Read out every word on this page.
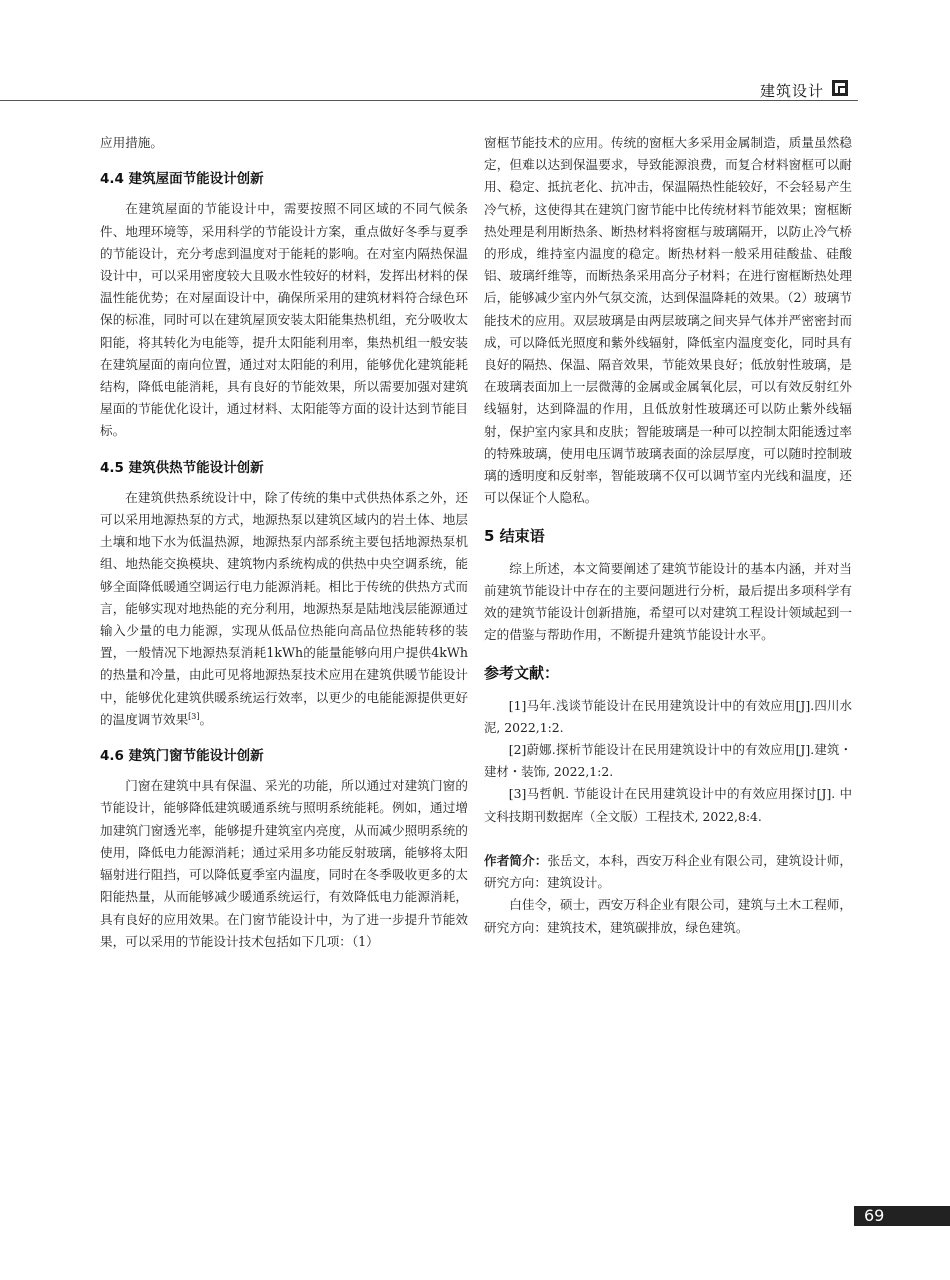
建筑设计

应用措施。

4.4 建筑屋面节能设计创新

在建筑屋面的节能设计中，需要按照不同区域的不同气候条件、地理环境等，采用科学的节能设计方案，重点做好冬季与夏季的节能设计，充分考虑到温度对于能耗的影响。在对室内隔热保温设计中，可以采用密度较大且吸水性较好的材料，发挥出材料的保温性能优势；在对屋面设计中，确保所采用的建筑材料符合绿色环保的标准，同时可以在建筑屋顶安装太阳能集热机组，充分吸收太阳能，将其转化为电能等，提升太阳能利用率，集热机组一般安装在建筑屋面的南向位置，通过对太阳能的利用，能够优化建筑能耗结构，降低电能消耗，具有良好的节能效果，所以需要加强对建筑屋面的节能优化设计，通过材料、太阳能等方面的设计达到节能目标。

4.5 建筑供热节能设计创新

在建筑供热系统设计中，除了传统的集中式供热体系之外，还可以采用地源热泵的方式，地源热泵以建筑区域内的岩土体、地层土壤和地下水为低温热源，地源热泵内部系统主要包括地源热泵机组、地热能交换模块、建筑物内系统构成的供热中央空调系统，能够全面降低暖通空调运行电力能源消耗。相比于传统的供热方式而言，能够实现对地热能的充分利用，地源热泵是陆地浅层能源通过输入少量的电力能源，实现从低品位热能向高品位热能转移的装置，一般情况下地源热泵消耗1kWh的能量能够向用户提供4kWh的热量和冷量，由此可见将地源热泵技术应用在建筑供暖节能设计中，能够优化建筑供暖系统运行效率，以更少的电能能源提供更好的温度调节效果[3]。

4.6 建筑门窗节能设计创新

门窗在建筑中具有保温、采光的功能，所以通过对建筑门窗的节能设计，能够降低建筑暖通系统与照明系统能耗。例如，通过增加建筑门窗透光率，能够提升建筑室内亮度，从而减少照明系统的使用，降低电力能源消耗；通过采用多功能反射玻璃，能够将太阳辐射进行阻挡，可以降低夏季室内温度，同时在冬季吸收更多的太阳能热量，从而能够减少暖通系统运行，有效降低电力能源消耗，具有良好的应用效果。在门窗节能设计中，为了进一步提升节能效果，可以采用的节能设计技术包括如下几项：（1）

窗框节能技术的应用。传统的窗框大多采用金属制造，质量虽然稳定，但难以达到保温要求，导致能源浪费，而复合材料窗框可以耐用、稳定、抵抗老化、抗冲击，保温隔热性能较好，不会轻易产生冷气桥，这使得其在建筑门窗节能中比传统材料节能效果；窗框断热处理是利用断热条、断热材料将窗框与玻璃隔开，以防止冷气桥的形成，维持室内温度的稳定。断热材料一般采用硅酸盐、硅酸铝、玻璃纤维等，而断热条采用高分子材料；在进行窗框断热处理后，能够减少室内外气氛交流，达到保温降耗的效果。（2）玻璃节能技术的应用。双层玻璃是由两层玻璃之间夹异气体并严密密封而成，可以降低光照度和紫外线辐射，降低室内温度变化，同时具有良好的隔热、保温、隔音效果，节能效果良好；低放射性玻璃，是在玻璃表面加上一层微薄的金属或金属氧化层，可以有效反射红外线辐射，达到降温的作用，且低放射性玻璃还可以防止紫外线辐射，保护室内家具和皮肤；智能玻璃是一种可以控制太阳能透过率的特殊玻璃，使用电压调节玻璃表面的涂层厚度，可以随时控制玻璃的透明度和反射率，智能玻璃不仅可以调节室内光线和温度，还可以保证个人隐私。

5 结束语

综上所述，本文简要阐述了建筑节能设计的基本内涵，并对当前建筑节能设计中存在的主要问题进行分析，最后提出多项科学有效的建筑节能设计创新措施，希望可以对建筑工程设计领域起到一定的借鉴与帮助作用，不断提升建筑节能设计水平。

参考文献：

[1]马年.浅谈节能设计在民用建筑设计中的有效应用[J].四川水泥, 2022,1:2.

[2]蔚娜.探析节能设计在民用建筑设计中的有效应用[J].建筑・建材・装饰, 2022,1:2.

[3]马哲帆. 节能设计在民用建筑设计中的有效应用探讨[J]. 中文科技期刊数据库（全文版）工程技术, 2022,8:4.

作者简介：张岳文，本科，西安万科企业有限公司，建筑设计师，研究方向：建筑设计。

白佳令，硕士，西安万科企业有限公司，建筑与土木工程师，研究方向：建筑技术，建筑碳排放，绿色建筑。

69
